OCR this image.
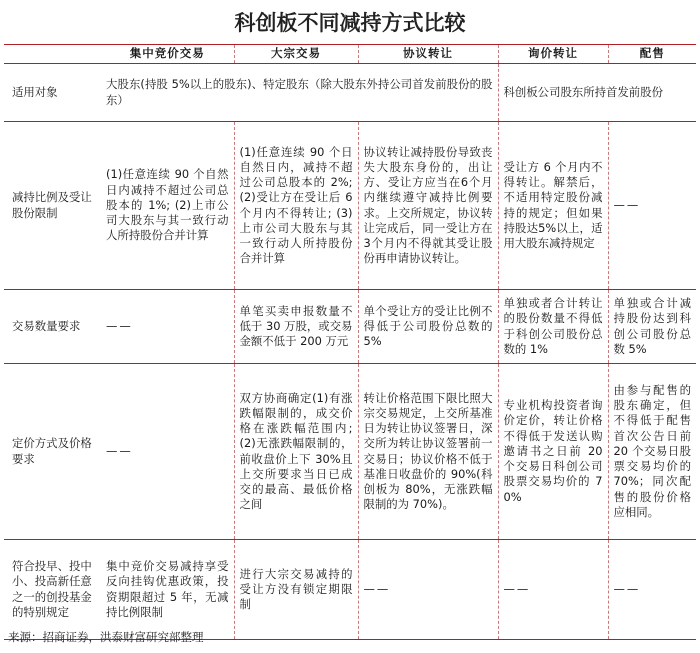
科创板不同减持方式比较
	集中竞价交易	大宗交易	协议转让	询价转让	配售
适用对象	大股东(持股 5%以上的股东)、特定股东（除大股东外持公司首发前股份的股东）			科创板公司股东所持首发前股份	
减持比例及受让股份限制	(1)任意连续 90 个自然日内减持不超过公司总股本的 1%; (2)上市公司大股东与其一致行动人所持股份合并计算	(1)任意连续 90 个日自然日内，减持不超过公司总股本的 2%; (2)受让方在受让后 6 个月内不得转让; (3)上市公司大股东与其一致行动人所持股份合并计算	协议转让减持股份导致丧失大股东身份的，出让方、受让方应当在6个月内继续遵守减持比例要求。上交所规定，协议转让完成后，同一受让方在3个月内不得就其受让股份再申请协议转让。	受让方 6 个月内不得转让。解禁后，不适用特定股份减持的规定；但如果持股达5%以上，适用大股东减持规定	——
交易数量要求	——	单笔买卖申报数量不低于 30 万股，或交易金额不低于 200 万元	单个受让方的受让比例不得低于公司股份总数的 5%	单独或者合计转让的股份数量不得低于科创公司股份总数的 1%	单独或合计减持股份达到科创公司股份总数 5%
定价方式及价格要求	——	双方协商确定(1)有涨跌幅限制的，成交价格在涨跌幅范围内; (2)无涨跌幅限制的，前收盘价上下 30%且上交所要求当日已成交的最高、最低价格之间	转让价格范围下限比照大宗交易规定，上交所基准日为转让协议签署日，深交所为转让协议签署前一交易日；协议价格不低于基准日收盘价的 90%(科创板为 80%，无涨跌幅限制的为 70%)。	专业机构投资者询价定价，转让价格不得低于发送认购邀请书之日前 20 个交易日科创公司股票交易均价的 70%	由参与配售的股东确定，但不得低于配售首次公告日前 20 个交易日股票交易均价的 70%；同次配售的股份价格应相同。
符合投早、投中小、投高新任意之一的创投基金的特别规定	集中竞价交易减持享受反向挂钩优惠政策，投资期限超过 5 年，无减持比例限制	进行大宗交易减持的受让方没有锁定期限制	——	——	——
来源：招商证券，洪泰财富研究部整理
